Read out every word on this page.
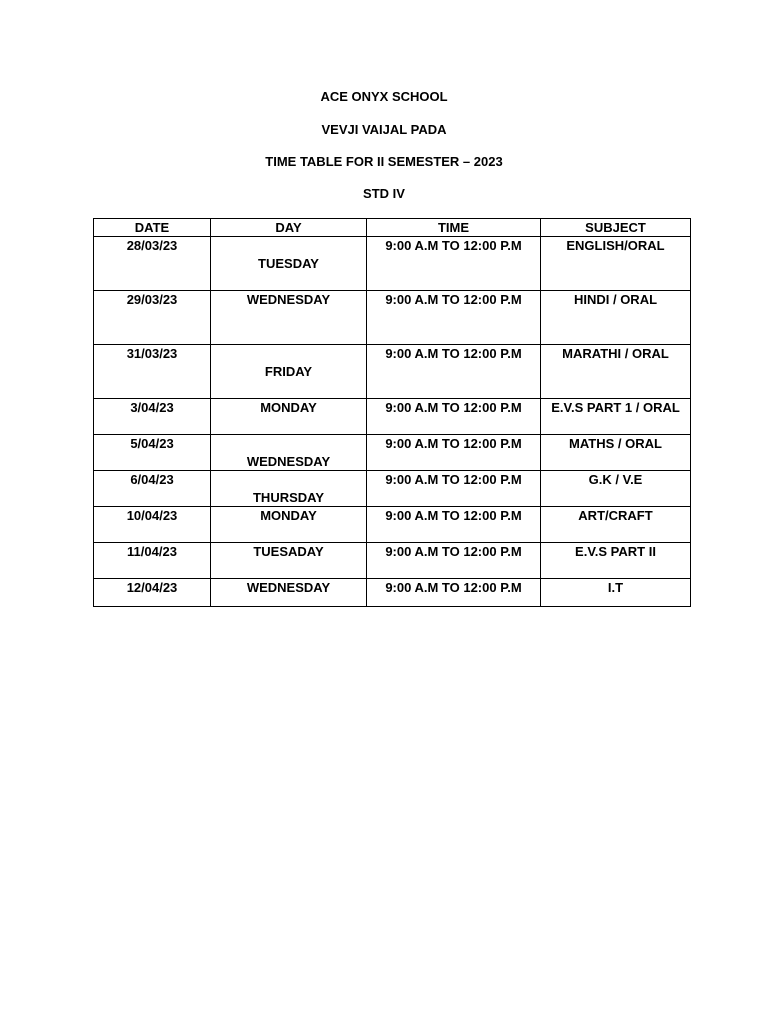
ACE ONYX SCHOOL
VEVJI VAIJAL PADA
TIME TABLE FOR II SEMESTER – 2023
STD IV
DATE	DAY	TIME	SUBJECT
28/03/23	TUESDAY	9:00 A.M TO 12:00 P.M	ENGLISH/ORAL
29/03/23	WEDNESDAY	9:00 A.M TO 12:00 P.M	HINDI / ORAL
31/03/23	FRIDAY	9:00 A.M TO 12:00 P.M	MARATHI / ORAL
3/04/23	MONDAY	9:00 A.M TO 12:00 P.M	E.V.S PART 1 / ORAL
5/04/23	WEDNESDAY	9:00 A.M TO 12:00 P.M	MATHS / ORAL
6/04/23	THURSDAY	9:00 A.M TO 12:00 P.M	G.K / V.E
10/04/23	MONDAY	9:00 A.M TO 12:00 P.M	ART/CRAFT
11/04/23	TUESADAY	9:00 A.M TO 12:00 P.M	E.V.S PART II
12/04/23	WEDNESDAY	9:00 A.M TO 12:00 P.M	I.T
